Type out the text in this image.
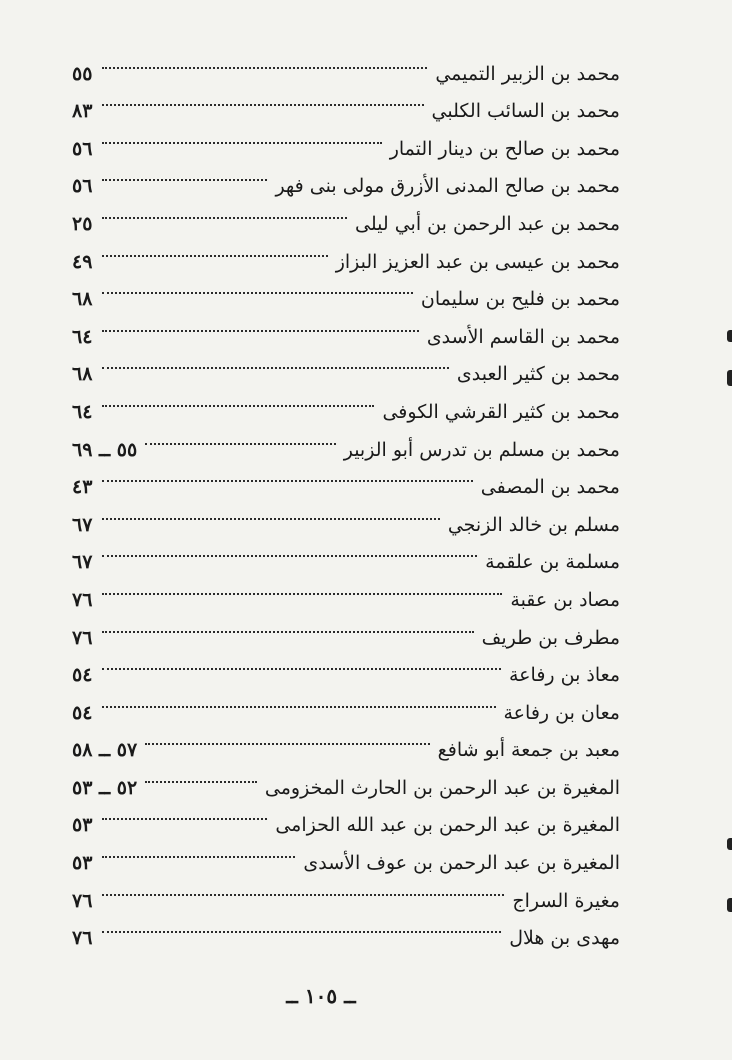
محمد بن الزبير التميمي
٥٥
محمد بن السائب الكلبي
٨٣
محمد بن صالح بن دينار التمار
٥٦
محمد بن صالح المدنى الأزرق مولى بنى فهر
٥٦
محمد بن عبد الرحمن بن أبي ليلى
٢٥
محمد بن عيسى بن عبد العزيز البزاز
٤٩
محمد بن فليح بن سليمان
٦٨
محمد بن القاسم الأسدى
٦٤
محمد بن كثير العبدى
٦٨
محمد بن كثير القرشي الكوفى
٦٤
محمد بن مسلم بن تدرس أبو الزبير
٥٥ ــ ٦٩
محمد بن المصفى
٤٣
مسلم بن خالد الزنجي
٦٧
مسلمة بن علقمة
٦٧
مصاد بن عقبة
٧٦
مطرف بن طريف
٧٦
معاذ بن رفاعة
٥٤
معان بن رفاعة
٥٤
معبد بن جمعة أبو شافع
٥٧ ــ ٥٨
المغيرة بن عبد الرحمن بن الحارث المخزومى
٥٢ ــ ٥٣
المغيرة بن عبد الرحمن بن عبد الله الحزامى
٥٣
المغيرة بن عبد الرحمن بن عوف الأسدى
٥٣
مغيرة السراج
٧٦
مهدى بن هلال
٧٦
ــ ١٠٥ ــ
